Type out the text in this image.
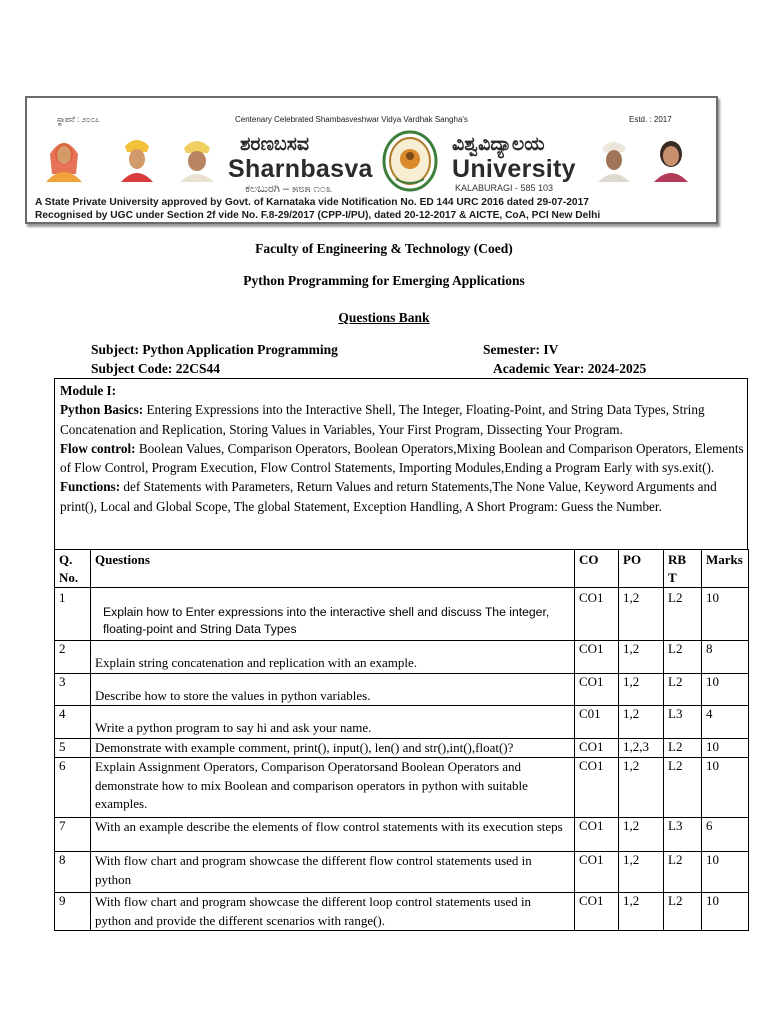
ಸ್ಥಾಪನೆ : ೨೦೦೭	Centenary Celebrated Shambasveshwar Vidya Vardhak Sangha's	Estd. : 2017
ಶರಣಬಸವ
Sharnbasva
ಕಲಬುರಗಿ – ೫೮೫ ೧೦೩
ವಿಶ್ವವಿದ್ಯಾಲಯ
University
KALABURAGI - 585 103
A State Private University approved by Govt. of Karnataka vide Notification No. ED 144 URC 2016 dated 29-07-2017
Recognised by UGC under Section 2f vide No. F.8-29/2017 (CPP-I/PU), dated 20-12-2017 & AICTE, CoA, PCI New Delhi
Faculty of Engineering & Technology (Coed)
Python Programming for Emerging Applications
Questions Bank
Subject: Python Application Programming	Semester: IV
Subject Code: 22CS44	Academic Year: 2024-2025

Module I:

Python Basics: Entering Expressions into the Interactive Shell, The Integer, Floating-Point, and String Data Types, String Concatenation and Replication, Storing Values in Variables, Your First Program, Dissecting Your Program.

Flow control: Boolean Values, Comparison Operators, Boolean Operators,Mixing Boolean and Comparison Operators, Elements of Flow Control, Program Execution, Flow Control Statements, Importing Modules,Ending a Program Early with sys.exit().

Functions: def Statements with Parameters, Return Values and return Statements,The None Value, Keyword Arguments and print(), Local and Global Scope, The global Statement, Exception Handling, A Short Program: Guess the Number.

Q. No.	Questions	CO	PO	RB T	Marks
1	Explain how to Enter expressions into the interactive shell and discuss The integer, floating-point and String Data Types	CO1	1,2	L2	10
2	Explain string concatenation and replication with an example.	CO1	1,2	L2	8
3	Describe how to store the values in python variables.	CO1	1,2	L2	10
4	Write a python program to say hi and ask your name.	C01	1,2	L3	4
5	Demonstrate with example comment, print(), input(), len() and str(),int(),float()?	CO1	1,2,3	L2	10
6	Explain Assignment Operators, Comparison Operatorsand Boolean Operators and demonstrate how to mix Boolean and comparison operators in python with suitable examples.	CO1	1,2	L2	10
7	With an example describe the elements of flow control statements with its execution steps	CO1	1,2	L3	6
8	With flow chart and program showcase the different flow control statements used in python	CO1	1,2	L2	10
9	With flow chart and program showcase the different loop control statements used in python and provide the different scenarios with range().	CO1	1,2	L2	10
